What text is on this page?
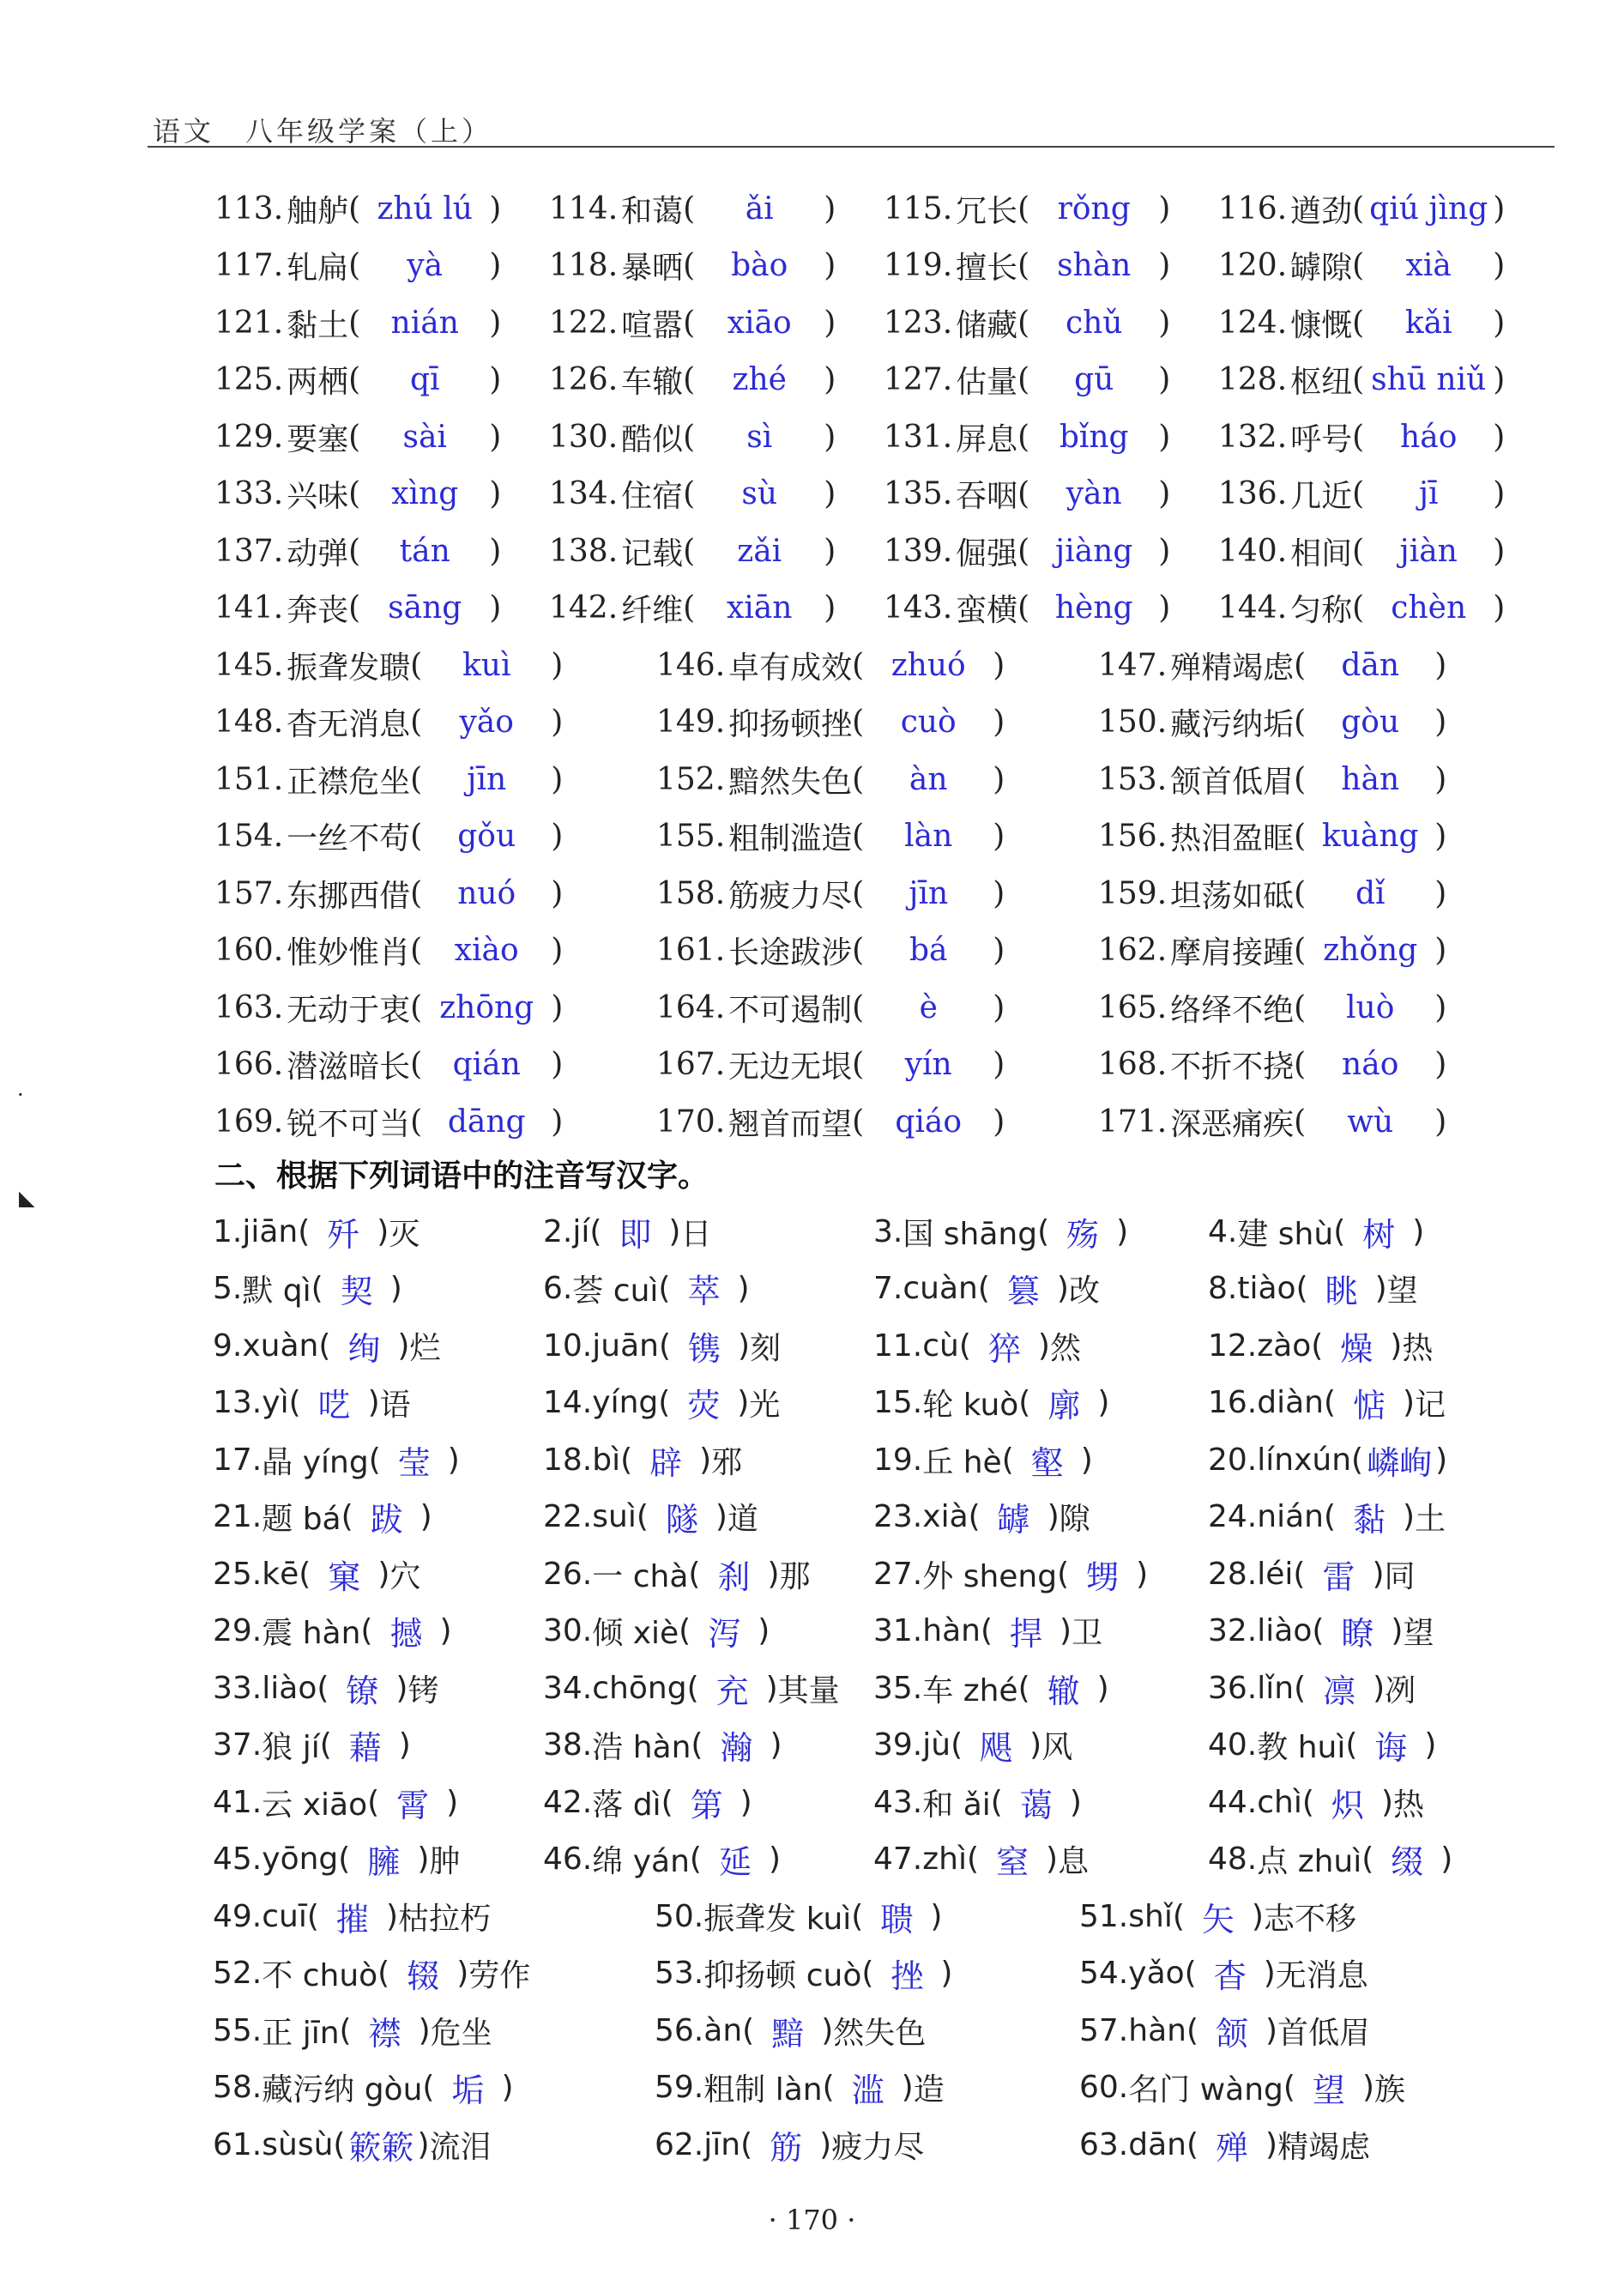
语文　八年级学案（上）
113. 舳舻 ( zhú lú ) 114. 和蔼 (	ǎi	) 115. 冗长 ( rǒng ) 116. 遒劲 ( qiú jìng )
117. 轧扁 (	yà	) 118. 暴晒 (	bào	) 119. 擅长 ( shàn ) 120. 罅隙 (	xià	)
121. 黏土 ( nián ) 122. 喧嚣 (	xiāo	) 123. 储藏 (	chǔ	) 124. 慷慨 (	kǎi	)
125. 两栖 (	qī	) 126. 车辙 (	zhé	) 127. 估量 (	gū	) 128. 枢纽 ( shū niǔ )
129. 要塞 (	sài	) 130. 酷似 (	sì	) 131. 屏息 ( bǐng ) 132. 呼号 (	háo	)
133. 兴味 ( xìng ) 134. 住宿 (	sù	) 135. 吞咽 (	yàn	) 136. 几近 (	jī	)
137. 动弹 (	tán	) 138. 记载 (	zǎi	) 139. 倔强 ( jiàng ) 140. 相间 (	jiàn	)
141. 奔丧 ( sāng ) 142. 纤维 (	xiān	) 143. 蛮横 ( hèng ) 144. 匀称 ( chèn )
145. 振聋发聩 (	kuì	)	146. 卓有成效 ( zhuó )	147. 殚精竭虑 (	dān	)
148. 杳无消息 (	yǎo	)	149. 抑扬顿挫 (	cuò	)	150. 藏污纳垢 (	gòu	)
151. 正襟危坐 (	jīn	)	152. 黯然失色 (	àn	)	153. 颔首低眉 (	hàn	)
154. 一丝不苟 (	gǒu	)	155. 粗制滥造 (	làn	)	156. 热泪盈眶 ( kuàng )
157. 东挪西借 (	nuó	)	158. 筋疲力尽 (	jīn	)	159. 坦荡如砥 (	dǐ	)
160. 惟妙惟肖 (	xiào	)	161. 长途跋涉 (	bá	)	162. 摩肩接踵 ( zhǒng )
163. 无动于衷 ( zhōng )	164. 不可遏制 (	è	)	165. 络绎不绝 (	luò	)
166. 潜滋暗长 ( qián )	167. 无边无垠 (	yín	)	168. 不折不挠 (	náo	)
169. 锐不可当 ( dāng )	170. 翘首而望 (	qiáo	)	171. 深恶痛疾 (	wù	)
二、根据下列词语中的注音写汉字。
1. jiān ( 歼 ) 灭	2. jí ( 即 ) 日	3. 国 shāng ( 殇 )	4. 建 shù ( 树 )
5. 默 qì ( 契 )	6. 荟 cuì ( 萃 )	7. cuàn ( 篡 ) 改	8. tiào ( 眺 ) 望
9. xuàn ( 绚 ) 烂	10. juān ( 镌 ) 刻	11. cù ( 猝 ) 然	12. zào ( 燥 ) 热
13. yì ( 呓 ) 语	14. yíng ( 荧 ) 光	15. 轮 kuò ( 廓 )	16. diàn ( 惦 ) 记
17. 晶 yíng ( 莹 )	18. bì ( 辟 ) 邪	19. 丘 hè ( 壑 )	20. línxún ( 嶙峋 )
21. 题 bá ( 跋 )	22. suì ( 隧 ) 道	23. xià ( 罅 ) 隙	24. nián ( 黏 ) 土
25. kē ( 窠 ) 穴	26. 一 chà ( 刹 ) 那 27. 外 sheng ( 甥 ) 28. léi ( 雷 ) 同
29. 震 hàn ( 撼 )	30. 倾 xiè ( 泻 )	31. hàn ( 捍 ) 卫	32. liào ( 瞭 ) 望
33. liào ( 镣 ) 铐	34. chōng ( 充 ) 其量 35. 车 zhé ( 辙 )	36. lǐn ( 凛 ) 冽
37. 狼 jí ( 藉 )	38. 浩 hàn ( 瀚 )	39. jù ( 飓 ) 风	40. 教 huì ( 诲 )
41. 云 xiāo ( 霄 )	42. 落 dì ( 第 )	43. 和 ǎi ( 蔼 )	44. chì ( 炽 ) 热
45. yōng ( 臃 ) 肿	46. 绵 yán ( 延 )	47. zhì ( 窒 ) 息	48. 点 zhuì ( 缀 )
49. cuī ( 摧 ) 枯拉朽	50. 振聋发 kuì ( 聩 )	51. shǐ ( 矢 ) 志不移
52. 不 chuò ( 辍 ) 劳作	53. 抑扬顿 cuò ( 挫 )	54. yǎo ( 杳 ) 无消息
55. 正 jīn ( 襟 ) 危坐	56. àn ( 黯 ) 然失色	57. hàn ( 颔 ) 首低眉
58. 藏污纳 gòu ( 垢 )	59. 粗制 làn ( 滥 ) 造	60. 名门 wàng ( 望 ) 族
61. sùsù ( 簌簌 ) 流泪	62. jīn ( 筋 ) 疲力尽	63. dān ( 殚 ) 精竭虑
· 170 ·
·
◣
